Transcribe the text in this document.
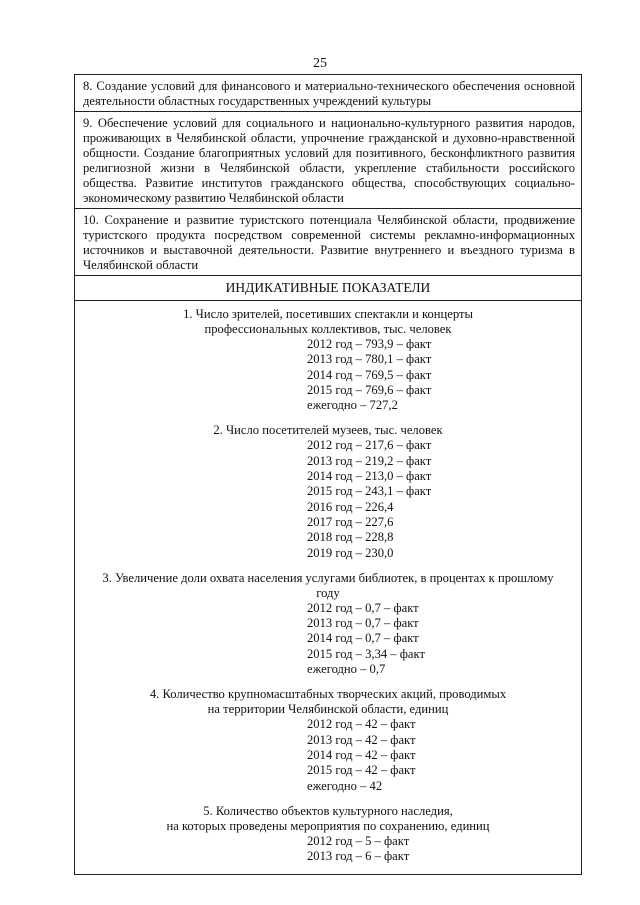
25
8. Создание условий для финансового и материально-технического обеспечения основной деятельности областных государственных учреждений культуры
9. Обеспечение условий для социального и национально-культурного развития народов, проживающих в Челябинской области, упрочнение гражданской и духовно-нравственной общности. Создание благоприятных условий для позитивного, бесконфликтного развития религиозной жизни в Челябинской области, укрепление стабильности российского общества. Развитие институтов гражданского общества, способствующих социально-экономическому развитию Челябинской области
10. Сохранение и развитие туристского потенциала Челябинской области, продвижение туристского продукта посредством современной системы рекламно-информационных источников и выставочной деятельности. Развитие внутреннего и въездного туризма в Челябинской области
ИНДИКАТИВНЫЕ ПОКАЗАТЕЛИ
1. Число зрителей, посетивших спектакли и концерты
профессиональных коллективов, тыс. человек
2012 год – 793,9 – факт
2013 год – 780,1 – факт
2014 год – 769,5 – факт
2015 год – 769,6 – факт
ежегодно – 727,2
2. Число посетителей музеев, тыс. человек
2012 год – 217,6 – факт
2013 год – 219,2 – факт
2014 год – 213,0 – факт
2015 год – 243,1 – факт
2016 год – 226,4
2017 год – 227,6
2018 год – 228,8
2019 год – 230,0
3. Увеличение доли охвата населения услугами библиотек, в процентах к прошлому
году
2012 год – 0,7 – факт
2013 год – 0,7 – факт
2014 год – 0,7 – факт
2015 год – 3,34 – факт
ежегодно – 0,7
4. Количество крупномасштабных творческих акций, проводимых
на территории Челябинской области, единиц
2012 год – 42 – факт
2013 год – 42 – факт
2014 год – 42 – факт
2015 год – 42 – факт
ежегодно – 42
5. Количество объектов культурного наследия,
на которых проведены мероприятия по сохранению, единиц
2012 год – 5 – факт
2013 год – 6 – факт
